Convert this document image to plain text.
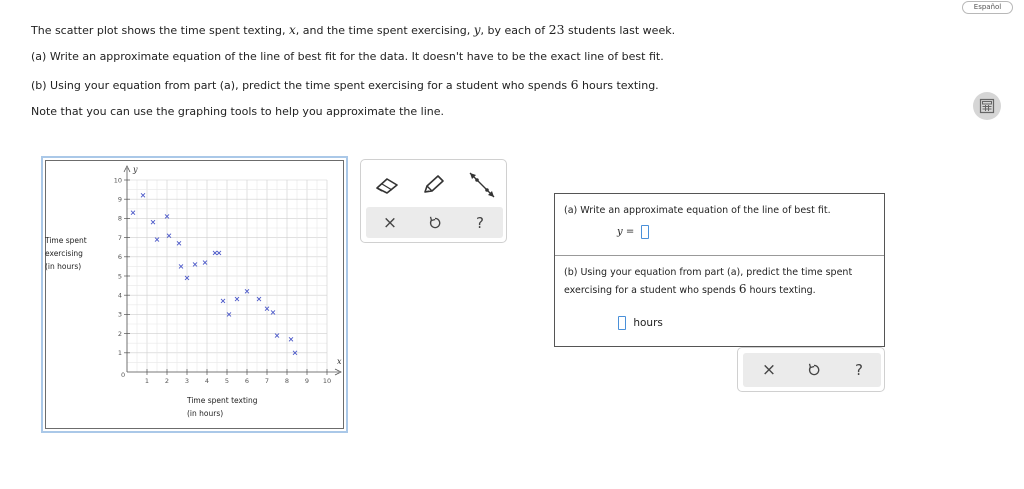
Español
The scatter plot shows the time spent texting, x, and the time spent exercising, y, by each of 23 students last week.
(a) Write an approximate equation of the line of best fit for the data. It doesn't have to be the exact line of best fit.
(b) Using your equation from part (a), predict the time spent exercising for a student who spends 6 hours texting.
Note that you can use the graphing tools to help you approximate the line.
1 2 3 4 5 6 7 8 9 10
1
2
3
4
5
6
7
8
9
10
y
x
0
Time spent
exercising
(in hours)
Time spent texting
(in hours)
×	?
(a) Write an approximate equation of the line of best fit.
y =
(b) Using your equation from part (a), predict the time spent
exercising for a student who spends 6 hours texting.
hours
×	?
